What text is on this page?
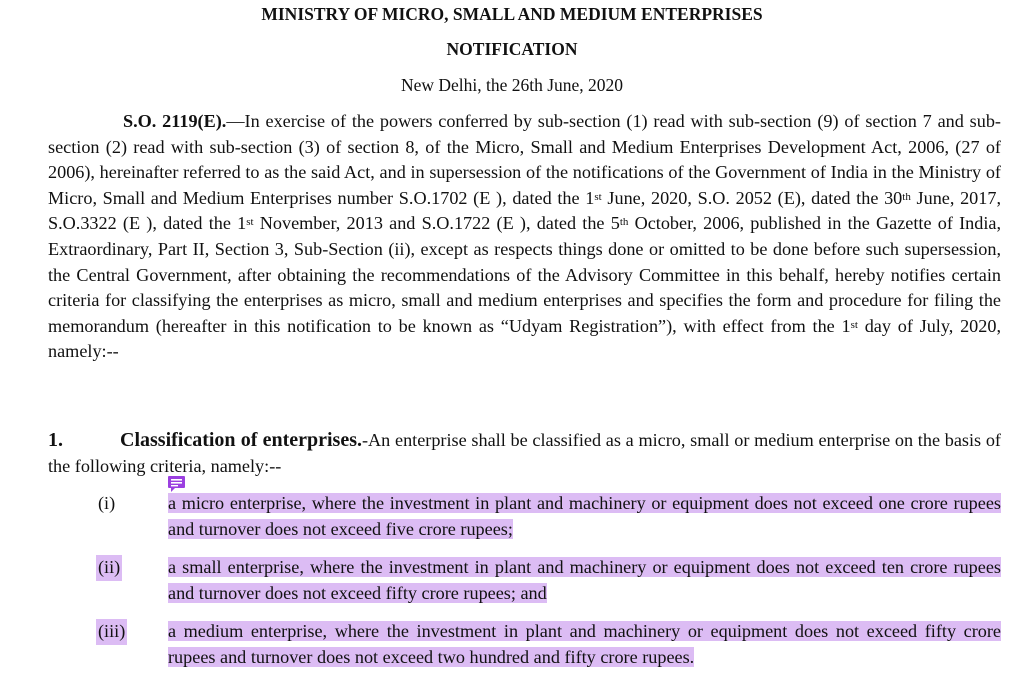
MINISTRY OF MICRO, SMALL AND MEDIUM ENTERPRISES
NOTIFICATION
New Delhi, the 26th June, 2020
S.O. 2119(E).—In exercise of the powers conferred by sub-section (1) read with sub-section (9) of section 7 and sub-section (2) read with sub-section (3) of section 8, of the Micro, Small and Medium Enterprises Development Act, 2006, (27 of 2006), hereinafter referred to as the said Act, and in supersession of the notifications of the Government of India in the Ministry of Micro, Small and Medium Enterprises number S.O.1702 (E ), dated the 1st June, 2020, S.O. 2052 (E), dated the 30th June, 2017, S.O.3322 (E ), dated the 1st November, 2013 and S.O.1722 (E ), dated the 5th October, 2006, published in the Gazette of India, Extraordinary, Part II, Section 3, Sub-Section (ii), except as respects things done or omitted to be done before such supersession, the Central Government, after obtaining the recommendations of the Advisory Committee in this behalf, hereby notifies certain criteria for classifying the enterprises as micro, small and medium enterprises and specifies the form and procedure for filing the memorandum (hereafter in this notification to be known as “Udyam Registration”), with effect from the 1st day of July, 2020, namely:--
1.	Classification of enterprises.-An enterprise shall be classified as a micro, small or medium enterprise on the basis of the following criteria, namely:--
(i)	a micro enterprise, where the investment in plant and machinery or equipment does not exceed one crore rupees and turnover does not exceed five crore rupees;
(ii)	a small enterprise, where the investment in plant and machinery or equipment does not exceed ten crore rupees and turnover does not exceed fifty crore rupees; and
(iii) a medium enterprise, where the investment in plant and machinery or equipment does not exceed fifty crore rupees and turnover does not exceed two hundred and fifty crore rupees.
